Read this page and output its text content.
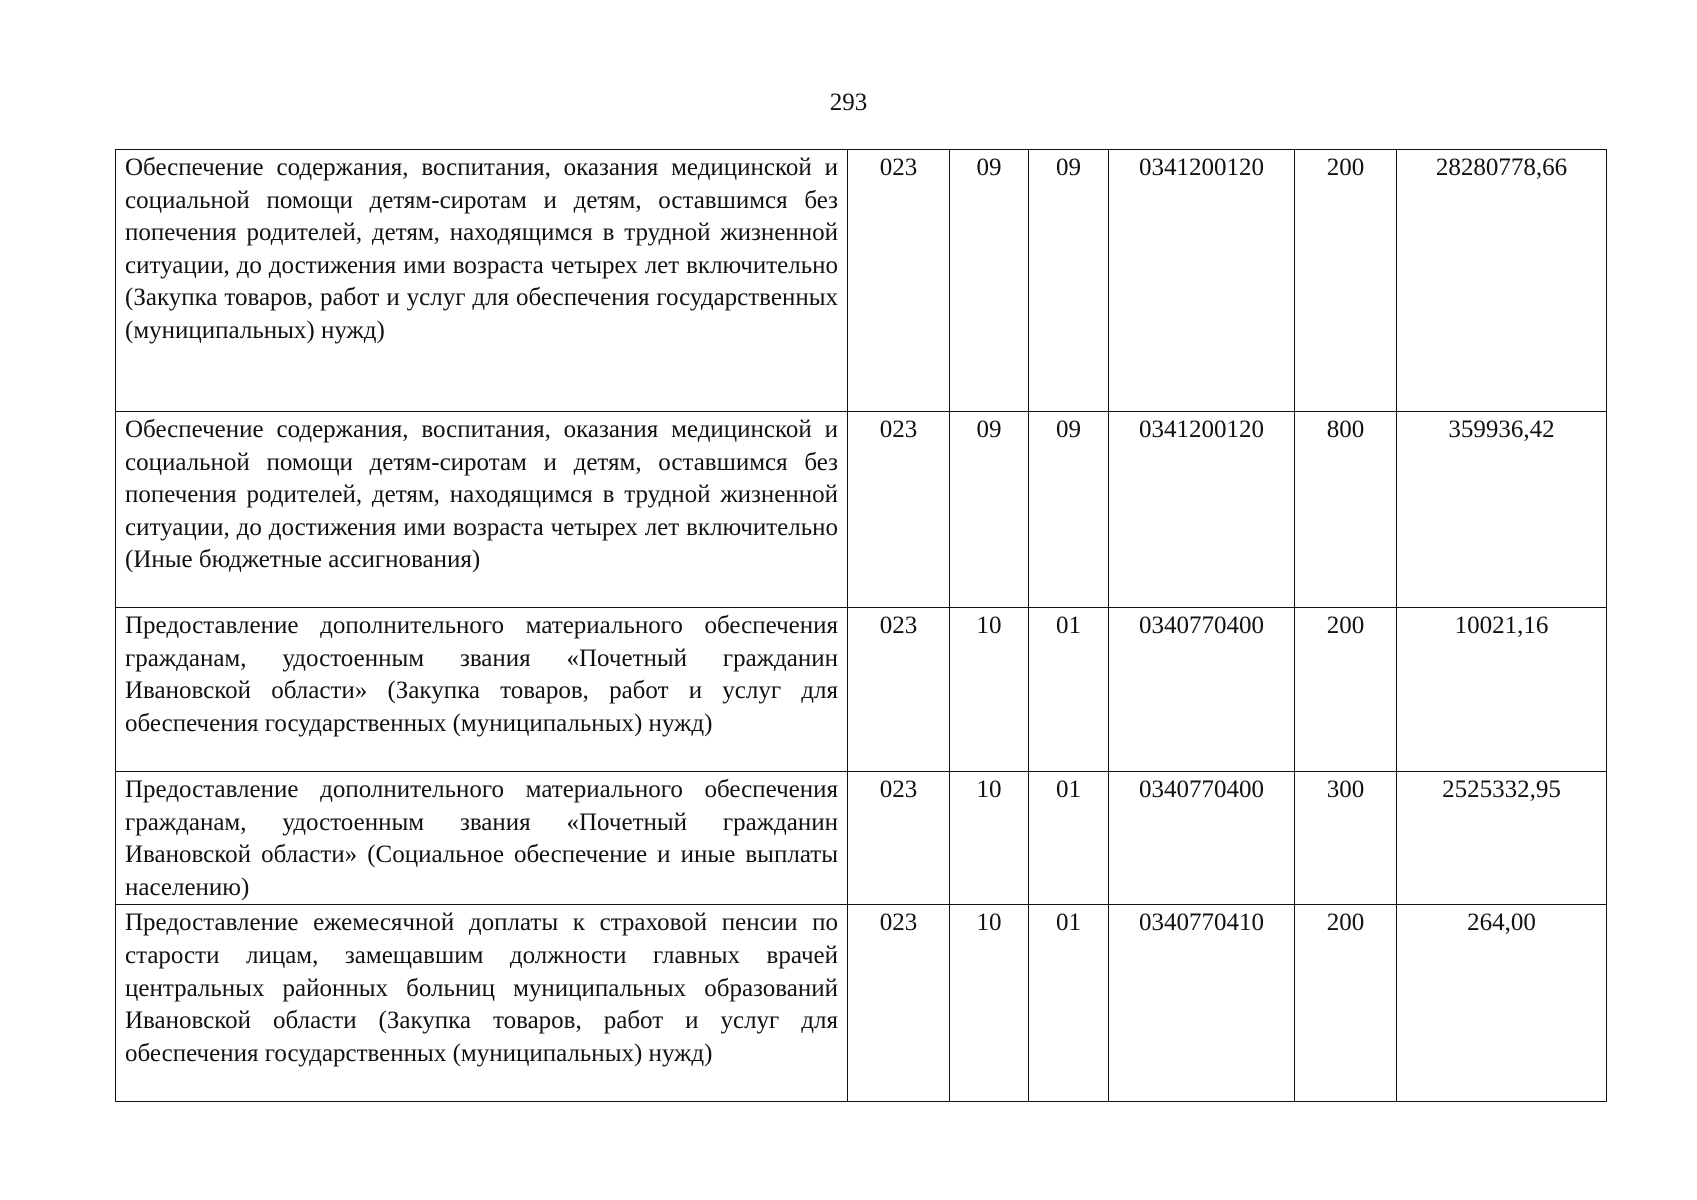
293
Обеспечение содержания, воспитания, оказания медицинской и социальной помощи детям-сиротам и детям, оставшимся без попечения родителей, детям, находящимся в трудной жизненной ситуации, до достижения ими возраста четырех лет включительно (Закупка товаров, работ и услуг для обеспечения государственных (муниципальных) нужд)	023	09	09	0341200120	200	28280778,66
Обеспечение содержания, воспитания, оказания медицинской и социальной помощи детям-сиротам и детям, оставшимся без попечения родителей, детям, находящимся в трудной жизненной ситуации, до достижения ими возраста четырех лет включительно (Иные бюджетные ассигнования)	023	09	09	0341200120	800	359936,42
Предоставление дополнительного материального обеспечения гражданам, удостоенным звания «Почетный гражданин Ивановской области» (Закупка товаров, работ и услуг для обеспечения государственных (муниципальных) нужд)	023	10	01	0340770400	200	10021,16
Предоставление дополнительного материального обеспечения гражданам, удостоенным звания «Почетный гражданин Ивановской области» (Социальное обеспечение и иные выплаты населению)	023	10	01	0340770400	300	2525332,95
Предоставление ежемесячной доплаты к страховой пенсии по старости лицам, замещавшим должности главных врачей центральных районных больниц муниципальных образований Ивановской области (Закупка товаров, работ и услуг для обеспечения государственных (муниципальных) нужд)	023	10	01	0340770410	200	264,00
